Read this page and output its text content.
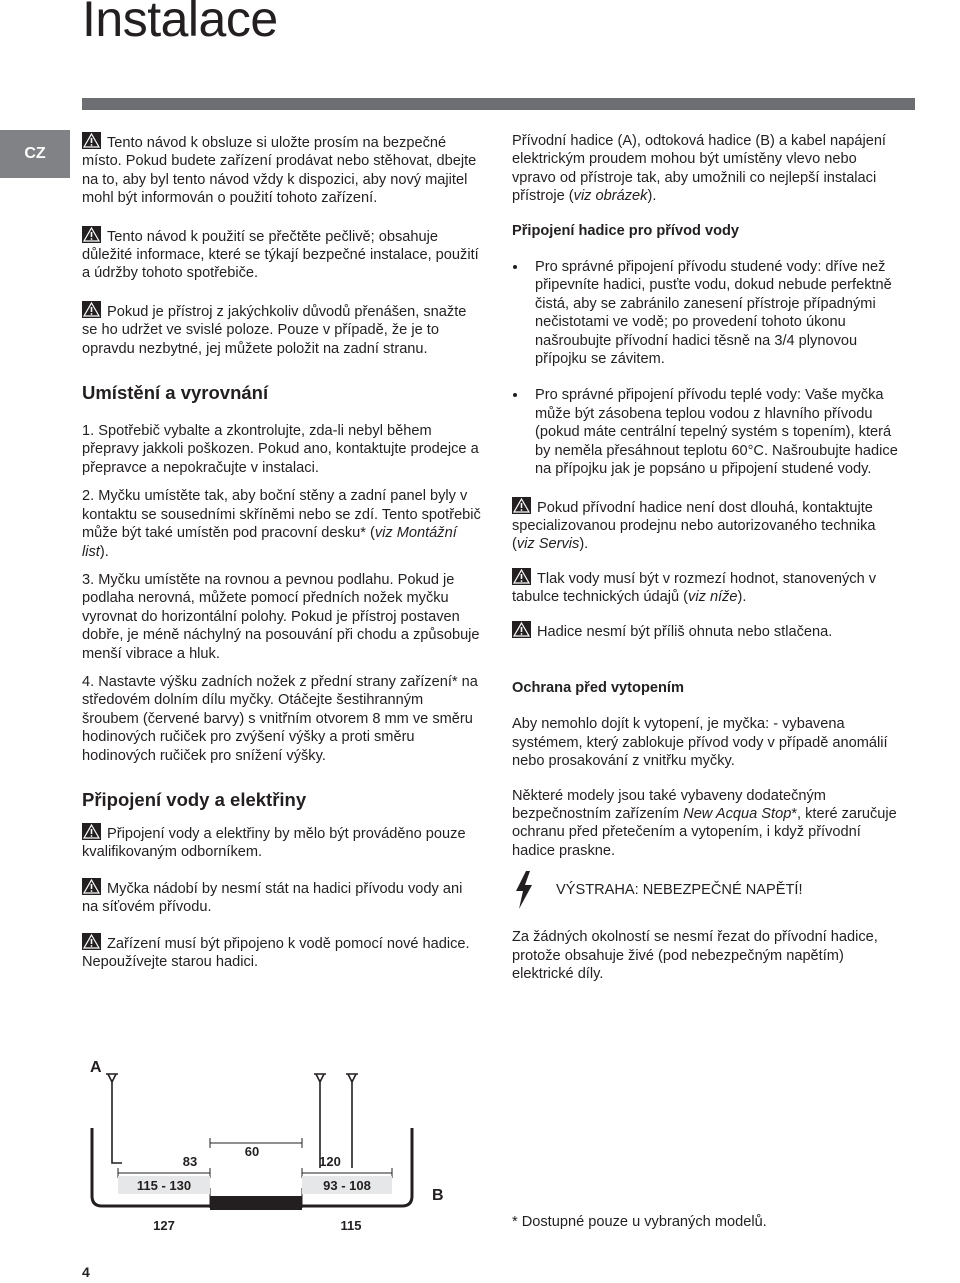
Instalace
CZ

Tento návod k obsluze si uložte prosím na bezpečné místo. Pokud budete zařízení prodávat nebo stěhovat, dbejte na to, aby byl tento návod vždy k dispozici, aby nový majitel mohl být informován o použití tohoto zařízení.

Tento návod k použití se přečtěte pečlivě; obsahuje důležité informace, které se týkají bezpečné instalace, použití a údržby tohoto spotřebiče.

Pokud je přístroj z jakýchkoliv důvodů přenášen, snažte se ho udržet ve svislé poloze. Pouze v případě, že je to opravdu nezbytné, jej můžete položit na zadní stranu.

Umístění a vyrovnání

1. Spotřebič vybalte a zkontrolujte, zda-li nebyl během přepravy jakkoli poškozen. Pokud ano, kontaktujte prodejce a přepravce a nepokračujte v instalaci.

2. Myčku umístěte tak, aby boční stěny a zadní panel byly v kontaktu se sousedními skříněmi nebo se zdí. Tento spotřebič může být také umístěn pod pracovní desku* (viz Montážní list).

3. Myčku umístěte na rovnou a pevnou podlahu. Pokud je podlaha nerovná, můžete pomocí předních nožek myčku vyrovnat do horizontální polohy. Pokud je přístroj postaven dobře, je méně náchylný na posouvání při chodu a způsobuje menší vibrace a hluk.

4. Nastavte výšku zadních nožek z přední strany zařízení* na středovém dolním dílu myčky. Otáčejte šestihranným šroubem (červené barvy) s vnitřním otvorem 8 mm ve směru hodinových ručiček pro zvýšení výšky a proti směru hodinových ručiček pro snížení výšky.

Připojení vody a elektřiny

Připojení vody a elektřiny by mělo být prováděno pouze kvalifikovaným odborníkem.

Myčka nádobí by nesmí stát na hadici přívodu vody ani na síťovém přívodu.

Zařízení musí být připojeno k vodě pomocí nové hadice. Nepoužívejte starou hadici.

A
60
83	120
115 - 130	93 - 108
B
127	115

Přívodní hadice (A), odtoková hadice (B) a kabel napájení elektrickým proudem mohou být umístěny vlevo nebo vpravo od přístroje tak, aby umožnili co nejlepší instalaci přístroje (viz obrázek).

Připojení hadice pro přívod vody
Pro správné připojení přívodu studené vody: dříve než připevníte hadici, pusťte vodu, dokud nebude perfektně čistá, aby se zabránilo zanesení přístroje případnými nečistotami ve vodě; po provedení tohoto úkonu našroubujte přívodní hadici těsně na 3/4 plynovou přípojku se závitem.
Pro správné připojení přívodu teplé vody: Vaše myčka může být zásobena teplou vodou z hlavního přívodu (pokud máte centrální tepelný systém s topením), která by neměla přesáhnout teplotu 60°C. Našroubujte hadice na přípojku jak je popsáno u připojení studené vody.

Pokud přívodní hadice není dost dlouhá, kontaktujte specializovanou prodejnu nebo autorizovaného technika (viz Servis).

Tlak vody musí být v rozmezí hodnot, stanovených v tabulce technických údajů (viz níže).

Hadice nesmí být příliš ohnuta nebo stlačena.

Ochrana před vytopením

Aby nemohlo dojít k vytopení, je myčka: - vybavena systémem, který zablokuje přívod vody v případě anomálií nebo prosakování z vnitřku myčky.

Některé modely jsou také vybaveny dodatečným bezpečnostním zařízením New Acqua Stop*, které zaručuje ochranu před přetečením a vytopením, i když přívodní hadice praskne.

VÝSTRAHA: NEBEZPEČNÉ NAPĚTÍ!

Za žádných okolností se nesmí řezat do přívodní hadice, protože obsahuje živé (pod nebezpečným napětím) elektrické díly.

* Dostupné pouze u vybraných modelů.
4
